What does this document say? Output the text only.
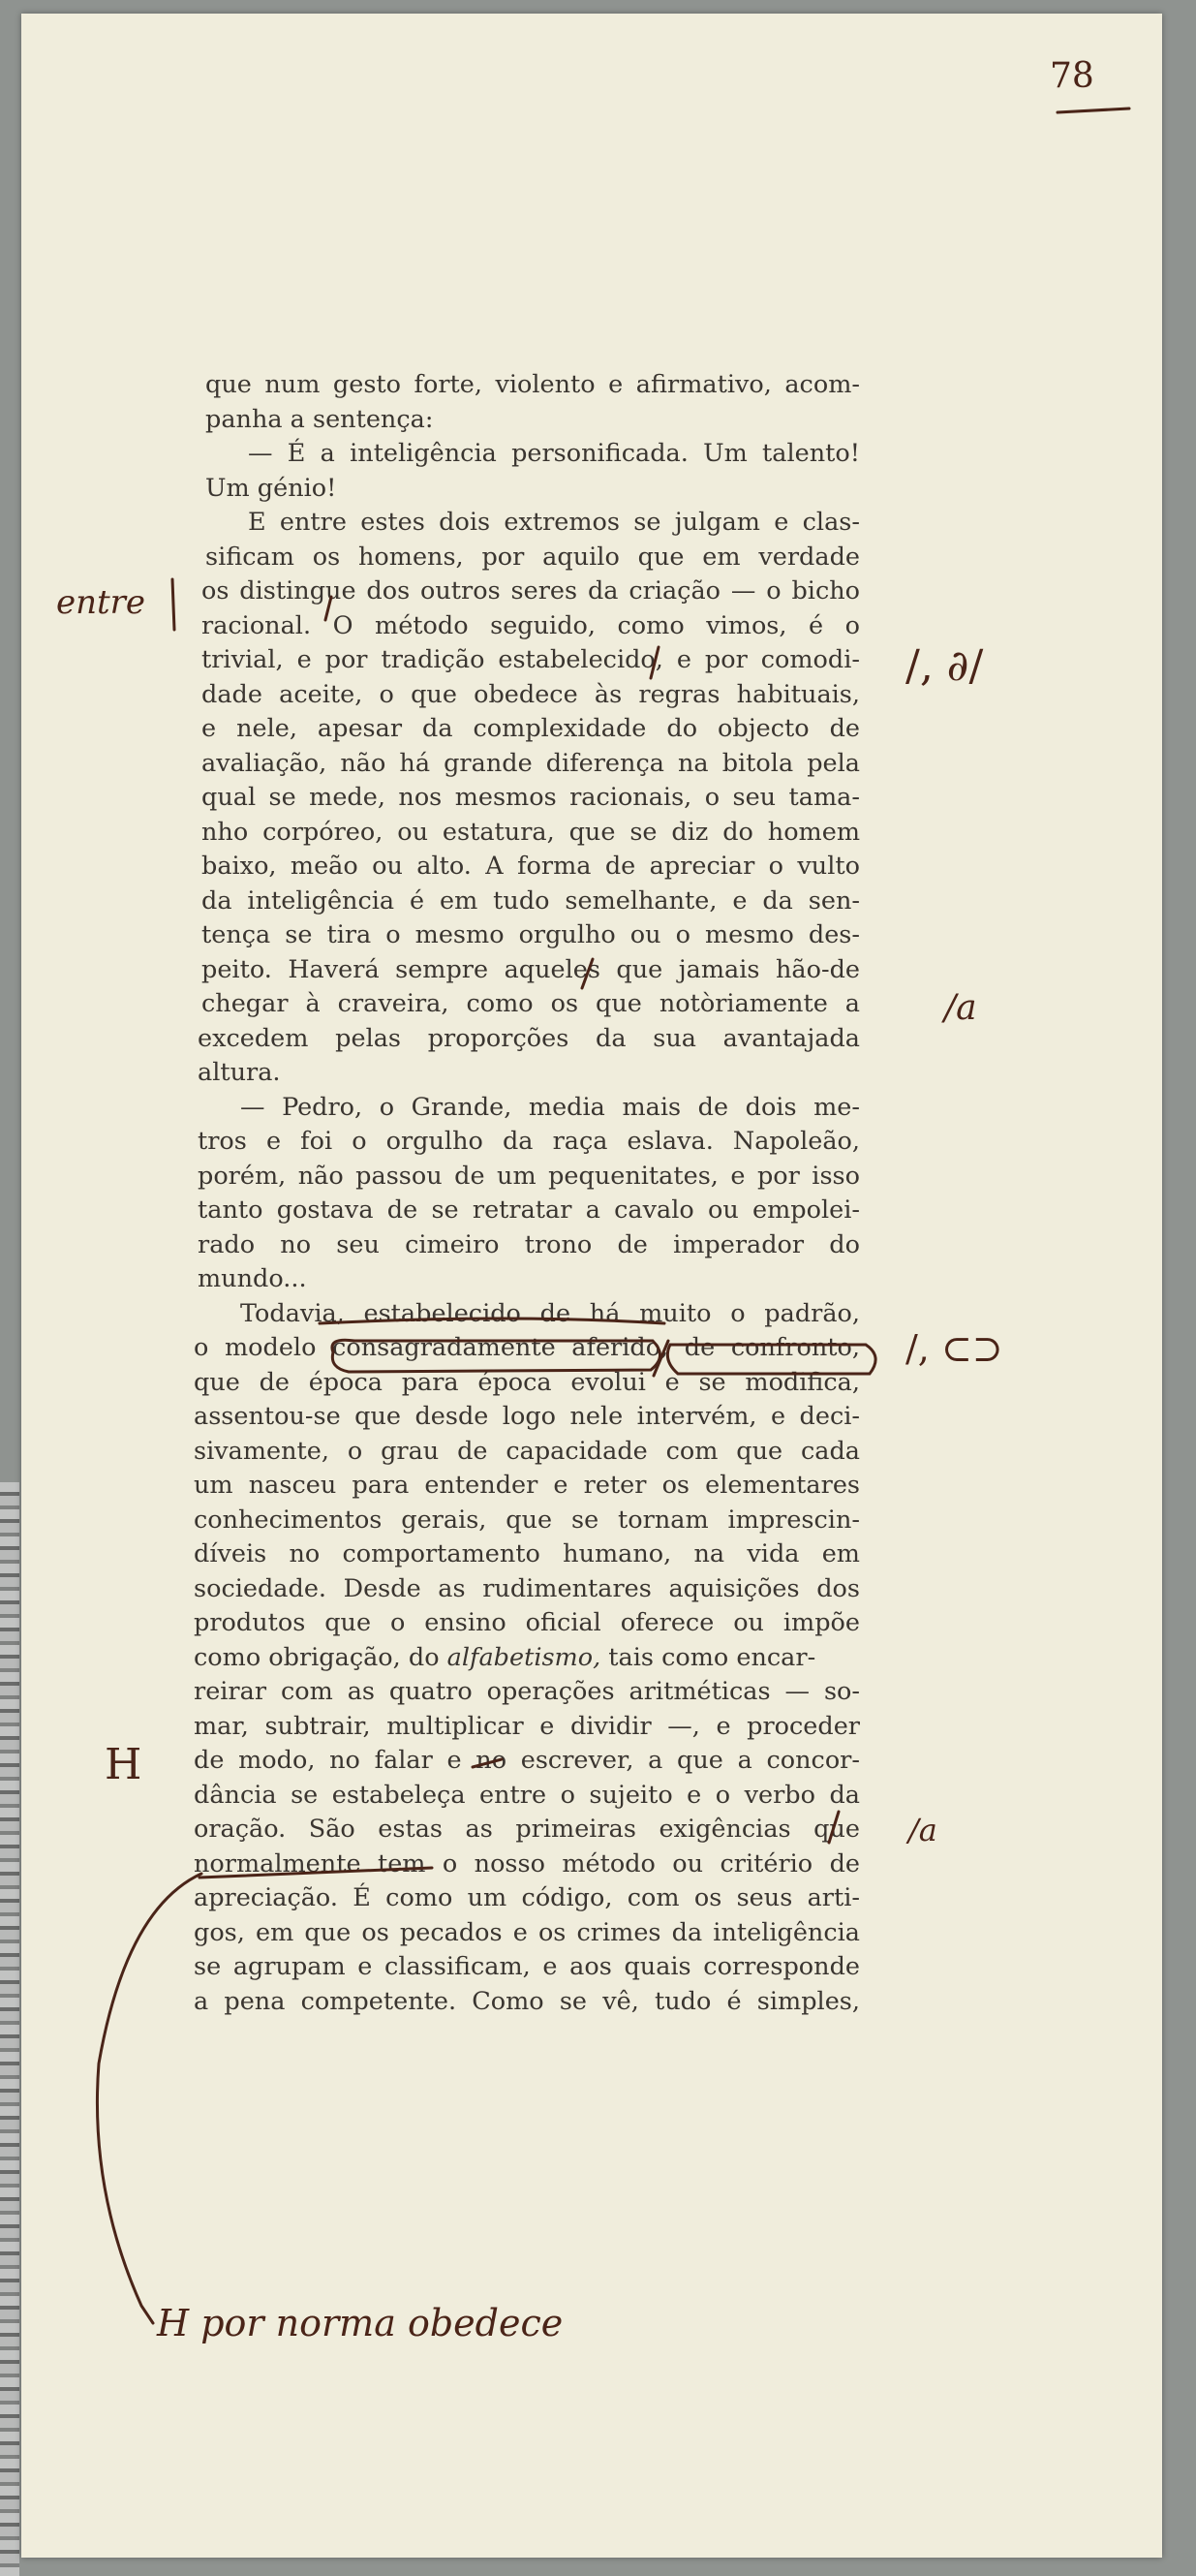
78
que num gesto forte, violento e afirmativo, acom-
panha a sentença:
— É a inteligência personificada. Um talento!
Um génio!
E entre estes dois extremos se julgam e clas-
sificam os homens, por aquilo que em verdade
os distingue dos outros seres da criação — o bicho
racional. O método seguido, como vimos, é o
trivial, e por tradição estabelecido, e por comodi-
dade aceite, o que obedece às regras habituais,
e nele, apesar da complexidade do objecto de
avaliação, não há grande diferença na bitola pela
qual se mede, nos mesmos racionais, o seu tama-
nho corpóreo, ou estatura, que se diz do homem
baixo, meão ou alto. A forma de apreciar o vulto
da inteligência é em tudo semelhante, e da sen-
tença se tira o mesmo orgulho ou o mesmo des-
peito. Haverá sempre aqueles que jamais hão-de
chegar à craveira, como os que notòriamente a
excedem pelas proporções da sua avantajada
altura.
— Pedro, o Grande, media mais de dois me-
tros e foi o orgulho da raça eslava. Napoleão,
porém, não passou de um pequenitates, e por isso
tanto gostava de se retratar a cavalo ou empolei-
rado no seu cimeiro trono de imperador do
mundo...
Todavia, estabelecido de há muito o padrão,
o modelo consagradamente aferido, de confronto,
que de época para época evolui e se modifica,
assentou-se que desde logo nele intervém, e deci-
sivamente, o grau de capacidade com que cada
um nasceu para entender e reter os elementares
conhecimentos gerais, que se tornam imprescin-
díveis no comportamento humano, na vida em
sociedade. Desde as rudimentares aquisições dos
produtos que o ensino oficial oferece ou impõe
como obrigação, do alfabetismo, tais como encar-
reirar com as quatro operações aritméticas — so-
mar, subtrair, multiplicar e dividir —, e proceder
de modo, no falar e no escrever, a que a concor-
dância se estabeleça entre o sujeito e o verbo da
oração. São estas as primeiras exigências que
normalmente tem o nosso método ou critério de
apreciação. É como um código, com os seus arti-
gos, em que os pecados e os crimes da inteligência
se agrupam e classificam, e aos quais corresponde
a pena competente. Como se vê, tudo é simples,
entre
/, ∂/
/a
/, ⊂⊃
H
/a
H por norma obedece
